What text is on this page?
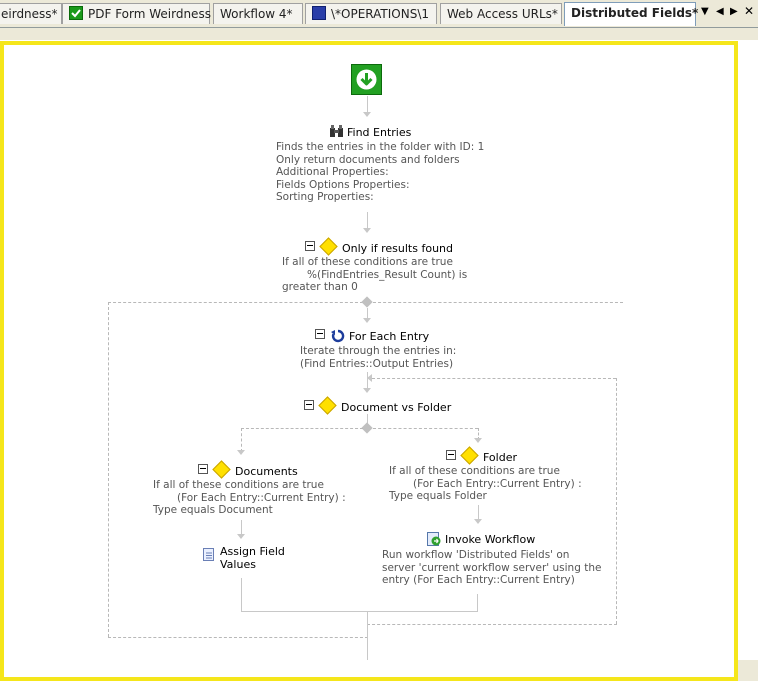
eirdness*	PDF Form Weirdness Workflow 4*	\*OPERATIONS\1	Web Access URLs*	Distributed Fields* ▼ ◀ ▶ ✕
Find Entries
Finds the entries in the folder with ID: 1
Only return documents and folders
Additional Properties:
Fields Options Properties:
Sorting Properties:
Only if results found
If all of these conditions are true
%(FindEntries_Result Count) is
greater than 0
For Each Entry
Iterate through the entries in:
(Find Entries::Output Entries)
Document vs Folder
Documents
If all of these conditions are true
(For Each Entry::Current Entry) :
Type equals Document
Assign Field
Values
Folder
If all of these conditions are true
(For Each Entry::Current Entry) :
Type equals Folder
Invoke Workflow
Run workflow 'Distributed Fields' on
server 'current workflow server' using the
entry (For Each Entry::Current Entry)
